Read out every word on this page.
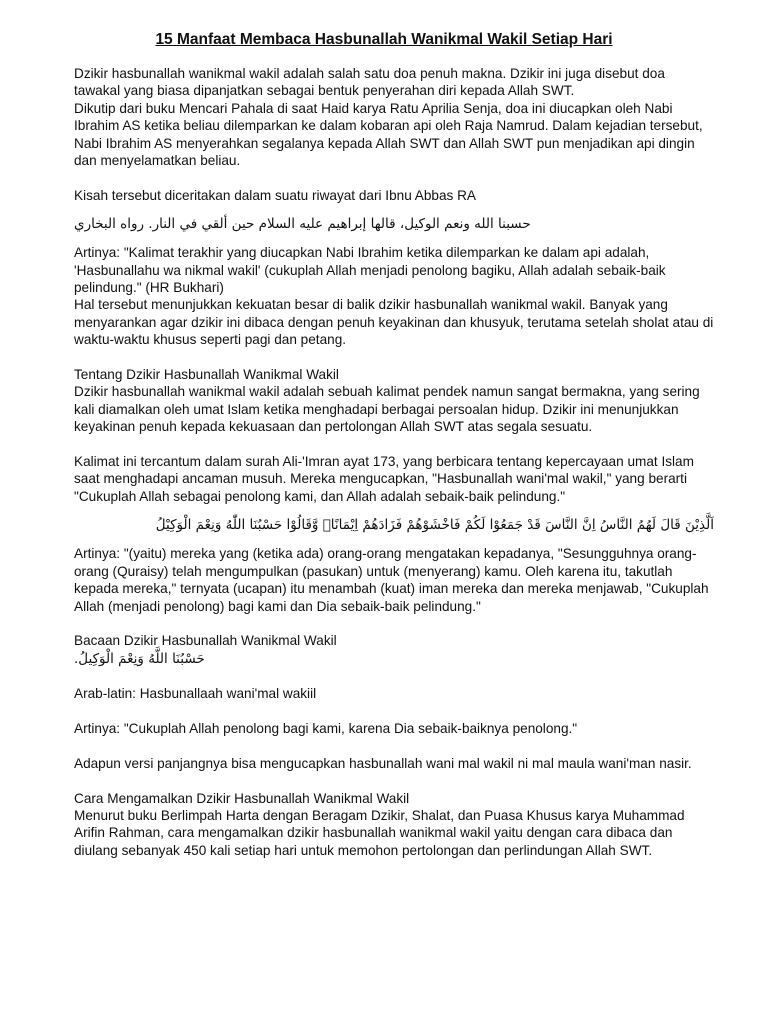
15 Manfaat Membaca Hasbunallah Wanikmal Wakil Setiap Hari

Dzikir hasbunallah wanikmal wakil adalah salah satu doa penuh makna. Dzikir ini juga disebut doa tawakal yang biasa dipanjatkan sebagai bentuk penyerahan diri kepada Allah SWT.

Dikutip dari buku Mencari Pahala di saat Haid karya Ratu Aprilia Senja, doa ini diucapkan oleh Nabi Ibrahim AS ketika beliau dilemparkan ke dalam kobaran api oleh Raja Namrud. Dalam kejadian tersebut, Nabi Ibrahim AS menyerahkan segalanya kepada Allah SWT dan Allah SWT pun menjadikan api dingin dan menyelamatkan beliau.

Kisah tersebut diceritakan dalam suatu riwayat dari Ibnu Abbas RA

حسبنا الله ونعم الوكيل، قالها إبراهيم عليه السلام حين ألقي في النار. رواه البخاري

Artinya: "Kalimat terakhir yang diucapkan Nabi Ibrahim ketika dilemparkan ke dalam api adalah, 'Hasbunallahu wa nikmal wakil' (cukuplah Allah menjadi penolong bagiku, Allah adalah sebaik-baik pelindung." (HR Bukhari)

Hal tersebut menunjukkan kekuatan besar di balik dzikir hasbunallah wanikmal wakil. Banyak yang menyarankan agar dzikir ini dibaca dengan penuh keyakinan dan khusyuk, terutama setelah sholat atau di waktu-waktu khusus seperti pagi dan petang.

Tentang Dzikir Hasbunallah Wanikmal Wakil

Dzikir hasbunallah wanikmal wakil adalah sebuah kalimat pendek namun sangat bermakna, yang sering kali diamalkan oleh umat Islam ketika menghadapi berbagai persoalan hidup. Dzikir ini menunjukkan keyakinan penuh kepada kekuasaan dan pertolongan Allah SWT atas segala sesuatu.

Kalimat ini tercantum dalam surah Ali-'Imran ayat 173, yang berbicara tentang kepercayaan umat Islam saat menghadapi ancaman musuh. Mereka mengucapkan, "Hasbunallah wani'mal wakil," yang berarti "Cukuplah Allah sebagai penolong kami, dan Allah adalah sebaik-baik pelindung."

اَلَّذِيْنَ قَالَ لَهُمُ النَّاسُ اِنَّ النَّاسَ قَدْ جَمَعُوْا لَكُمْ فَاخْشَوْهُمْ فَزَادَهُمْ اِيْمَانًاۖ وَّقَالُوْا حَسْبُنَا اللّٰهُ وَنِعْمَ الْوَكِيْلُ

Artinya: "(yaitu) mereka yang (ketika ada) orang-orang mengatakan kepadanya, "Sesungguhnya orang-orang (Quraisy) telah mengumpulkan (pasukan) untuk (menyerang) kamu. Oleh karena itu, takutlah kepada mereka," ternyata (ucapan) itu menambah (kuat) iman mereka dan mereka menjawab, "Cukuplah Allah (menjadi penolong) bagi kami dan Dia sebaik-baik pelindung."

Bacaan Dzikir Hasbunallah Wanikmal Wakil

حَسْبُنَا اللَّهُ وَنِعْمَ الْوَكِيلُ.

Arab-latin: Hasbunallaah wani'mal wakiil

Artinya: "Cukuplah Allah penolong bagi kami, karena Dia sebaik-baiknya penolong."

Adapun versi panjangnya bisa mengucapkan hasbunallah wani mal wakil ni mal maula wani'man nasir.

Cara Mengamalkan Dzikir Hasbunallah Wanikmal Wakil

Menurut buku Berlimpah Harta dengan Beragam Dzikir, Shalat, dan Puasa Khusus karya Muhammad Arifin Rahman, cara mengamalkan dzikir hasbunallah wanikmal wakil yaitu dengan cara dibaca dan diulang sebanyak 450 kali setiap hari untuk memohon pertolongan dan perlindungan Allah SWT.
